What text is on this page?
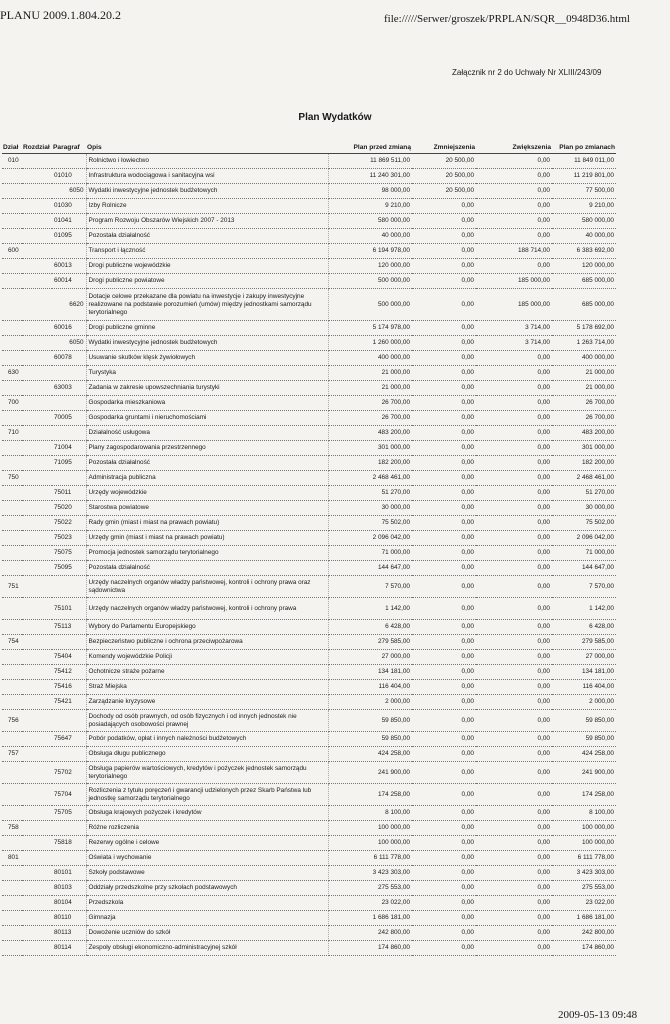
PLANU 2009.1.804.20.2	file://///Serwer/groszek/PRPLAN/SQR__0948D36.html
Załącznik nr 2 do Uchwały Nr XLIII/243/09
Plan Wydatków
Dział	Rozdział	Paragraf	Opis	Plan przed zmianą	Zmniejszenia	Zwiększenia	Plan po zmianach
010			Rolnictwo i łowiectwo	11 869 511,00	20 500,00	0,00	11 849 011,00
	01010		Infrastruktura wodociągowa i sanitacyjna wsi	11 240 301,00	20 500,00	0,00	11 219 801,00
		6050	Wydatki inwestycyjne jednostek budżetowych	98 000,00	20 500,00	0,00	77 500,00
	01030		Izby Rolnicze	9 210,00	0,00	0,00	9 210,00
	01041		Program Rozwoju Obszarów Wiejskich 2007 - 2013	580 000,00	0,00	0,00	580 000,00
	01095		Pozostała działalność	40 000,00	0,00	0,00	40 000,00
600			Transport i łączność	6 194 978,00	0,00	188 714,00	6 383 692,00
	60013		Drogi publiczne wojewódzkie	120 000,00	0,00	0,00	120 000,00
	60014		Drogi publiczne powiatowe	500 000,00	0,00	185 000,00	685 000,00
		6620	Dotacje celowe przekazane dla powiatu na inwestycje i zakupy inwestycyjne realizowane na podstawie porozumień (umów) między jednostkami samorządu terytorialnego	500 000,00	0,00	185 000,00	685 000,00
	60016		Drogi publiczne gminne	5 174 978,00	0,00	3 714,00	5 178 692,00
		6050	Wydatki inwestycyjne jednostek budżetowych	1 260 000,00	0,00	3 714,00	1 263 714,00
	60078		Usuwanie skutków klęsk żywiołowych	400 000,00	0,00	0,00	400 000,00
630			Turystyka	21 000,00	0,00	0,00	21 000,00
	63003		Zadania w zakresie upowszechniania turystyki	21 000,00	0,00	0,00	21 000,00
700			Gospodarka mieszkaniowa	26 700,00	0,00	0,00	26 700,00
	70005		Gospodarka gruntami i nieruchomościami	26 700,00	0,00	0,00	26 700,00
710			Działalność usługowa	483 200,00	0,00	0,00	483 200,00
	71004		Plany zagospodarowania przestrzennego	301 000,00	0,00	0,00	301 000,00
	71095		Pozostała działalność	182 200,00	0,00	0,00	182 200,00
750			Administracja publiczna	2 468 461,00	0,00	0,00	2 468 461,00
	75011		Urzędy wojewódzkie	51 270,00	0,00	0,00	51 270,00
	75020		Starostwa powiatowe	30 000,00	0,00	0,00	30 000,00
	75022		Rady gmin (miast i miast na prawach powiatu)	75 502,00	0,00	0,00	75 502,00
	75023		Urzędy gmin (miast i miast na prawach powiatu)	2 096 042,00	0,00	0,00	2 096 042,00
	75075		Promocja jednostek samorządu terytorialnego	71 000,00	0,00	0,00	71 000,00
	75095		Pozostała działalność	144 647,00	0,00	0,00	144 647,00
751			Urzędy naczelnych organów władzy państwowej, kontroli i ochrony prawa oraz sądownictwa	7 570,00	0,00	0,00	7 570,00
	75101		Urzędy naczelnych organów władzy państwowej, kontroli i ochrony prawa	1 142,00	0,00	0,00	1 142,00
	75113		Wybory do Parlamentu Europejskiego	6 428,00	0,00	0,00	6 428,00
754			Bezpieczeństwo publiczne i ochrona przeciwpożarowa	279 585,00	0,00	0,00	279 585,00
	75404		Komendy wojewódzkie Policji	27 000,00	0,00	0,00	27 000,00
	75412		Ochotnicze straże pożarne	134 181,00	0,00	0,00	134 181,00
	75416		Straż Miejska	116 404,00	0,00	0,00	116 404,00
	75421		Zarządzanie kryzysowe	2 000,00	0,00	0,00	2 000,00
756			Dochody od osób prawnych, od osób fizycznych i od innych jednostek nie posiadających osobowości prawnej	59 850,00	0,00	0,00	59 850,00
	75647		Pobór podatków, opłat i innych należności budżetowych	59 850,00	0,00	0,00	59 850,00
757			Obsługa długu publicznego	424 258,00	0,00	0,00	424 258,00
	75702		Obsługa papierów wartościowych, kredytów i pożyczek jednostek samorządu terytorialnego	241 900,00	0,00	0,00	241 900,00
	75704		Rozliczenia z tytułu poręczeń i gwarancji udzielonych przez Skarb Państwa lub jednostkę samorządu terytorialnego	174 258,00	0,00	0,00	174 258,00
	75705		Obsługa krajowych pożyczek i kredytów	8 100,00	0,00	0,00	8 100,00
758			Różne rozliczenia	100 000,00	0,00	0,00	100 000,00
	75818		Rezerwy ogólne i celowe	100 000,00	0,00	0,00	100 000,00
801			Oświata i wychowanie	6 111 778,00	0,00	0,00	6 111 778,00
	80101		Szkoły podstawowe	3 423 303,00	0,00	0,00	3 423 303,00
	80103		Oddziały przedszkolne przy szkołach podstawowych	275 553,00	0,00	0,00	275 553,00
	80104		Przedszkola	23 022,00	0,00	0,00	23 022,00
	80110		Gimnazja	1 686 181,00	0,00	0,00	1 686 181,00
	80113		Dowożenie uczniów do szkół	242 800,00	0,00	0,00	242 800,00
	80114		Zespoły obsługi ekonomiczno-administracyjnej szkół	174 860,00	0,00	0,00	174 860,00
2009-05-13 09:48
